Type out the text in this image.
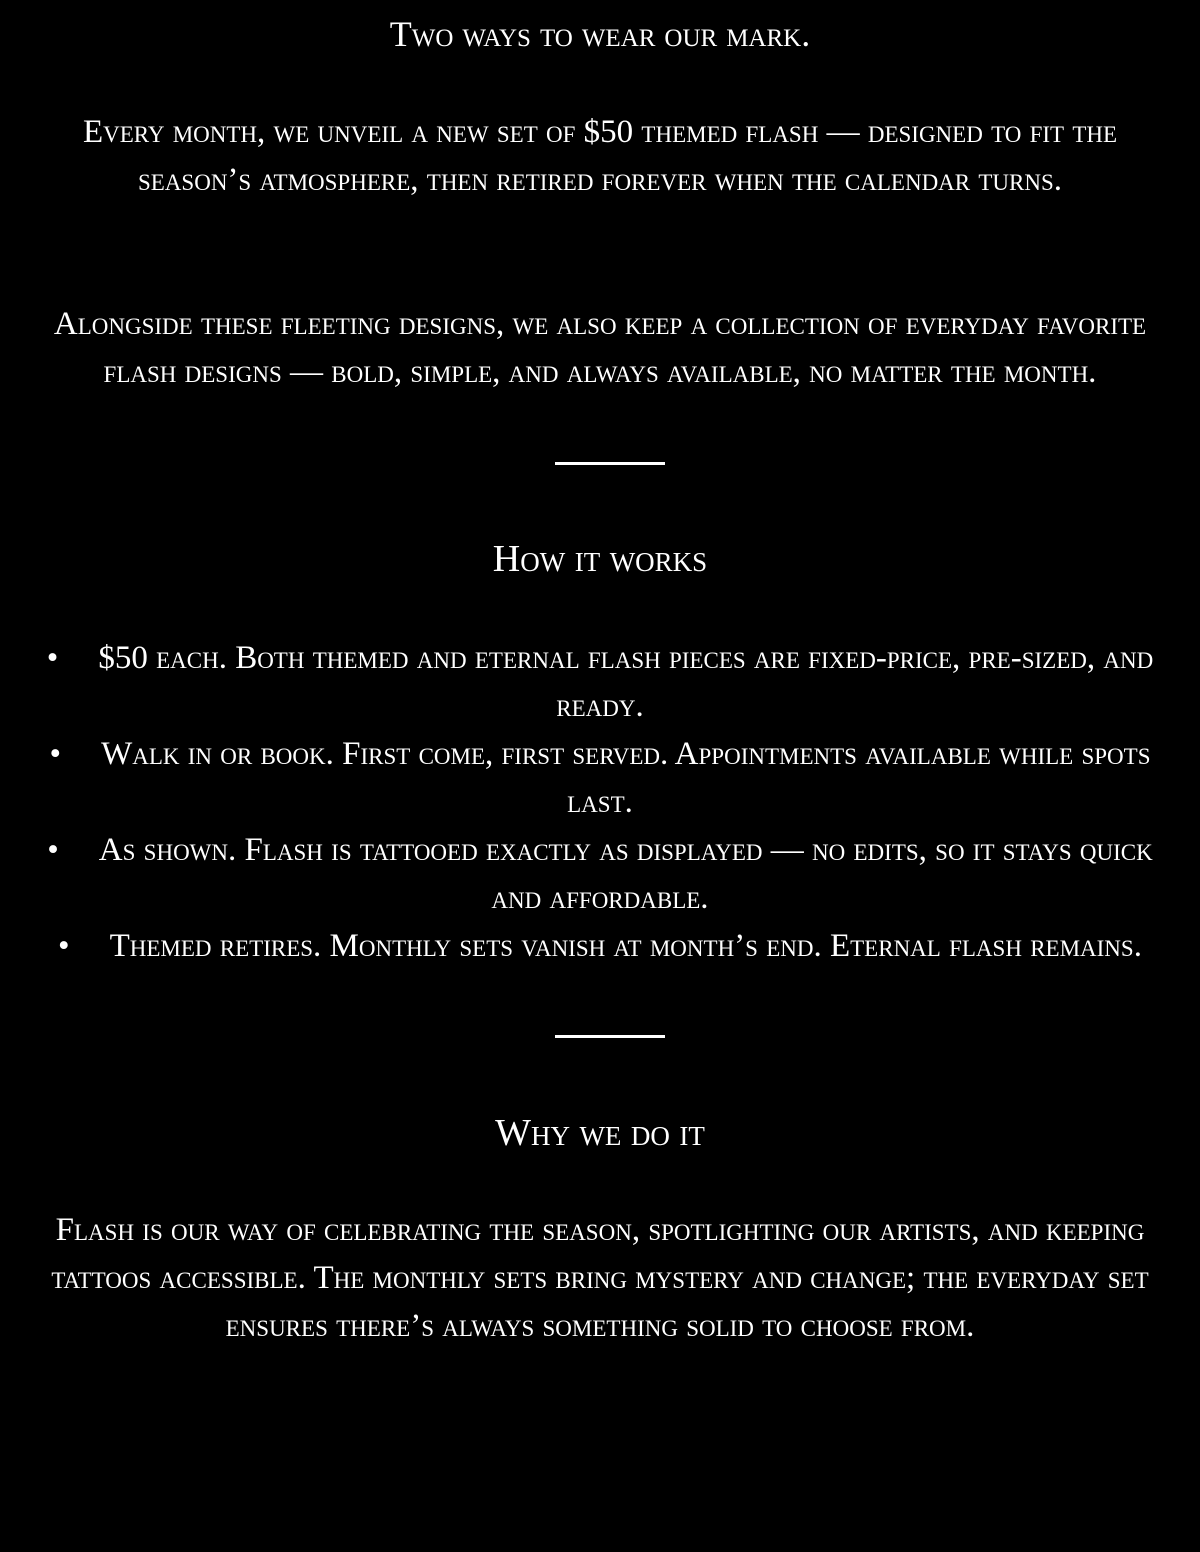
Two ways to wear our mark.

Every month, we unveil a new set of $50 themed flash — designed to fit the season’s atmosphere, then retired forever when the calendar turns.

Alongside these fleeting designs, we also keep a collection of everyday favorite flash designs — bold, simple, and always available, no matter the month.

How it works
• $50 each. Both themed and eternal flash pieces are fixed-price, pre-sized, and ready.
• Walk in or book. First come, first served. Appointments available while spots last.
• As shown. Flash is tattooed exactly as displayed — no edits, so it stays quick and affordable.
• Themed retires. Monthly sets vanish at month’s end. Eternal flash remains.
Why we do it

Flash is our way of celebrating the season, spotlighting our artists, and keeping tattoos accessible. The monthly sets bring mystery and change; the everyday set ensures there’s always something solid to choose from.
